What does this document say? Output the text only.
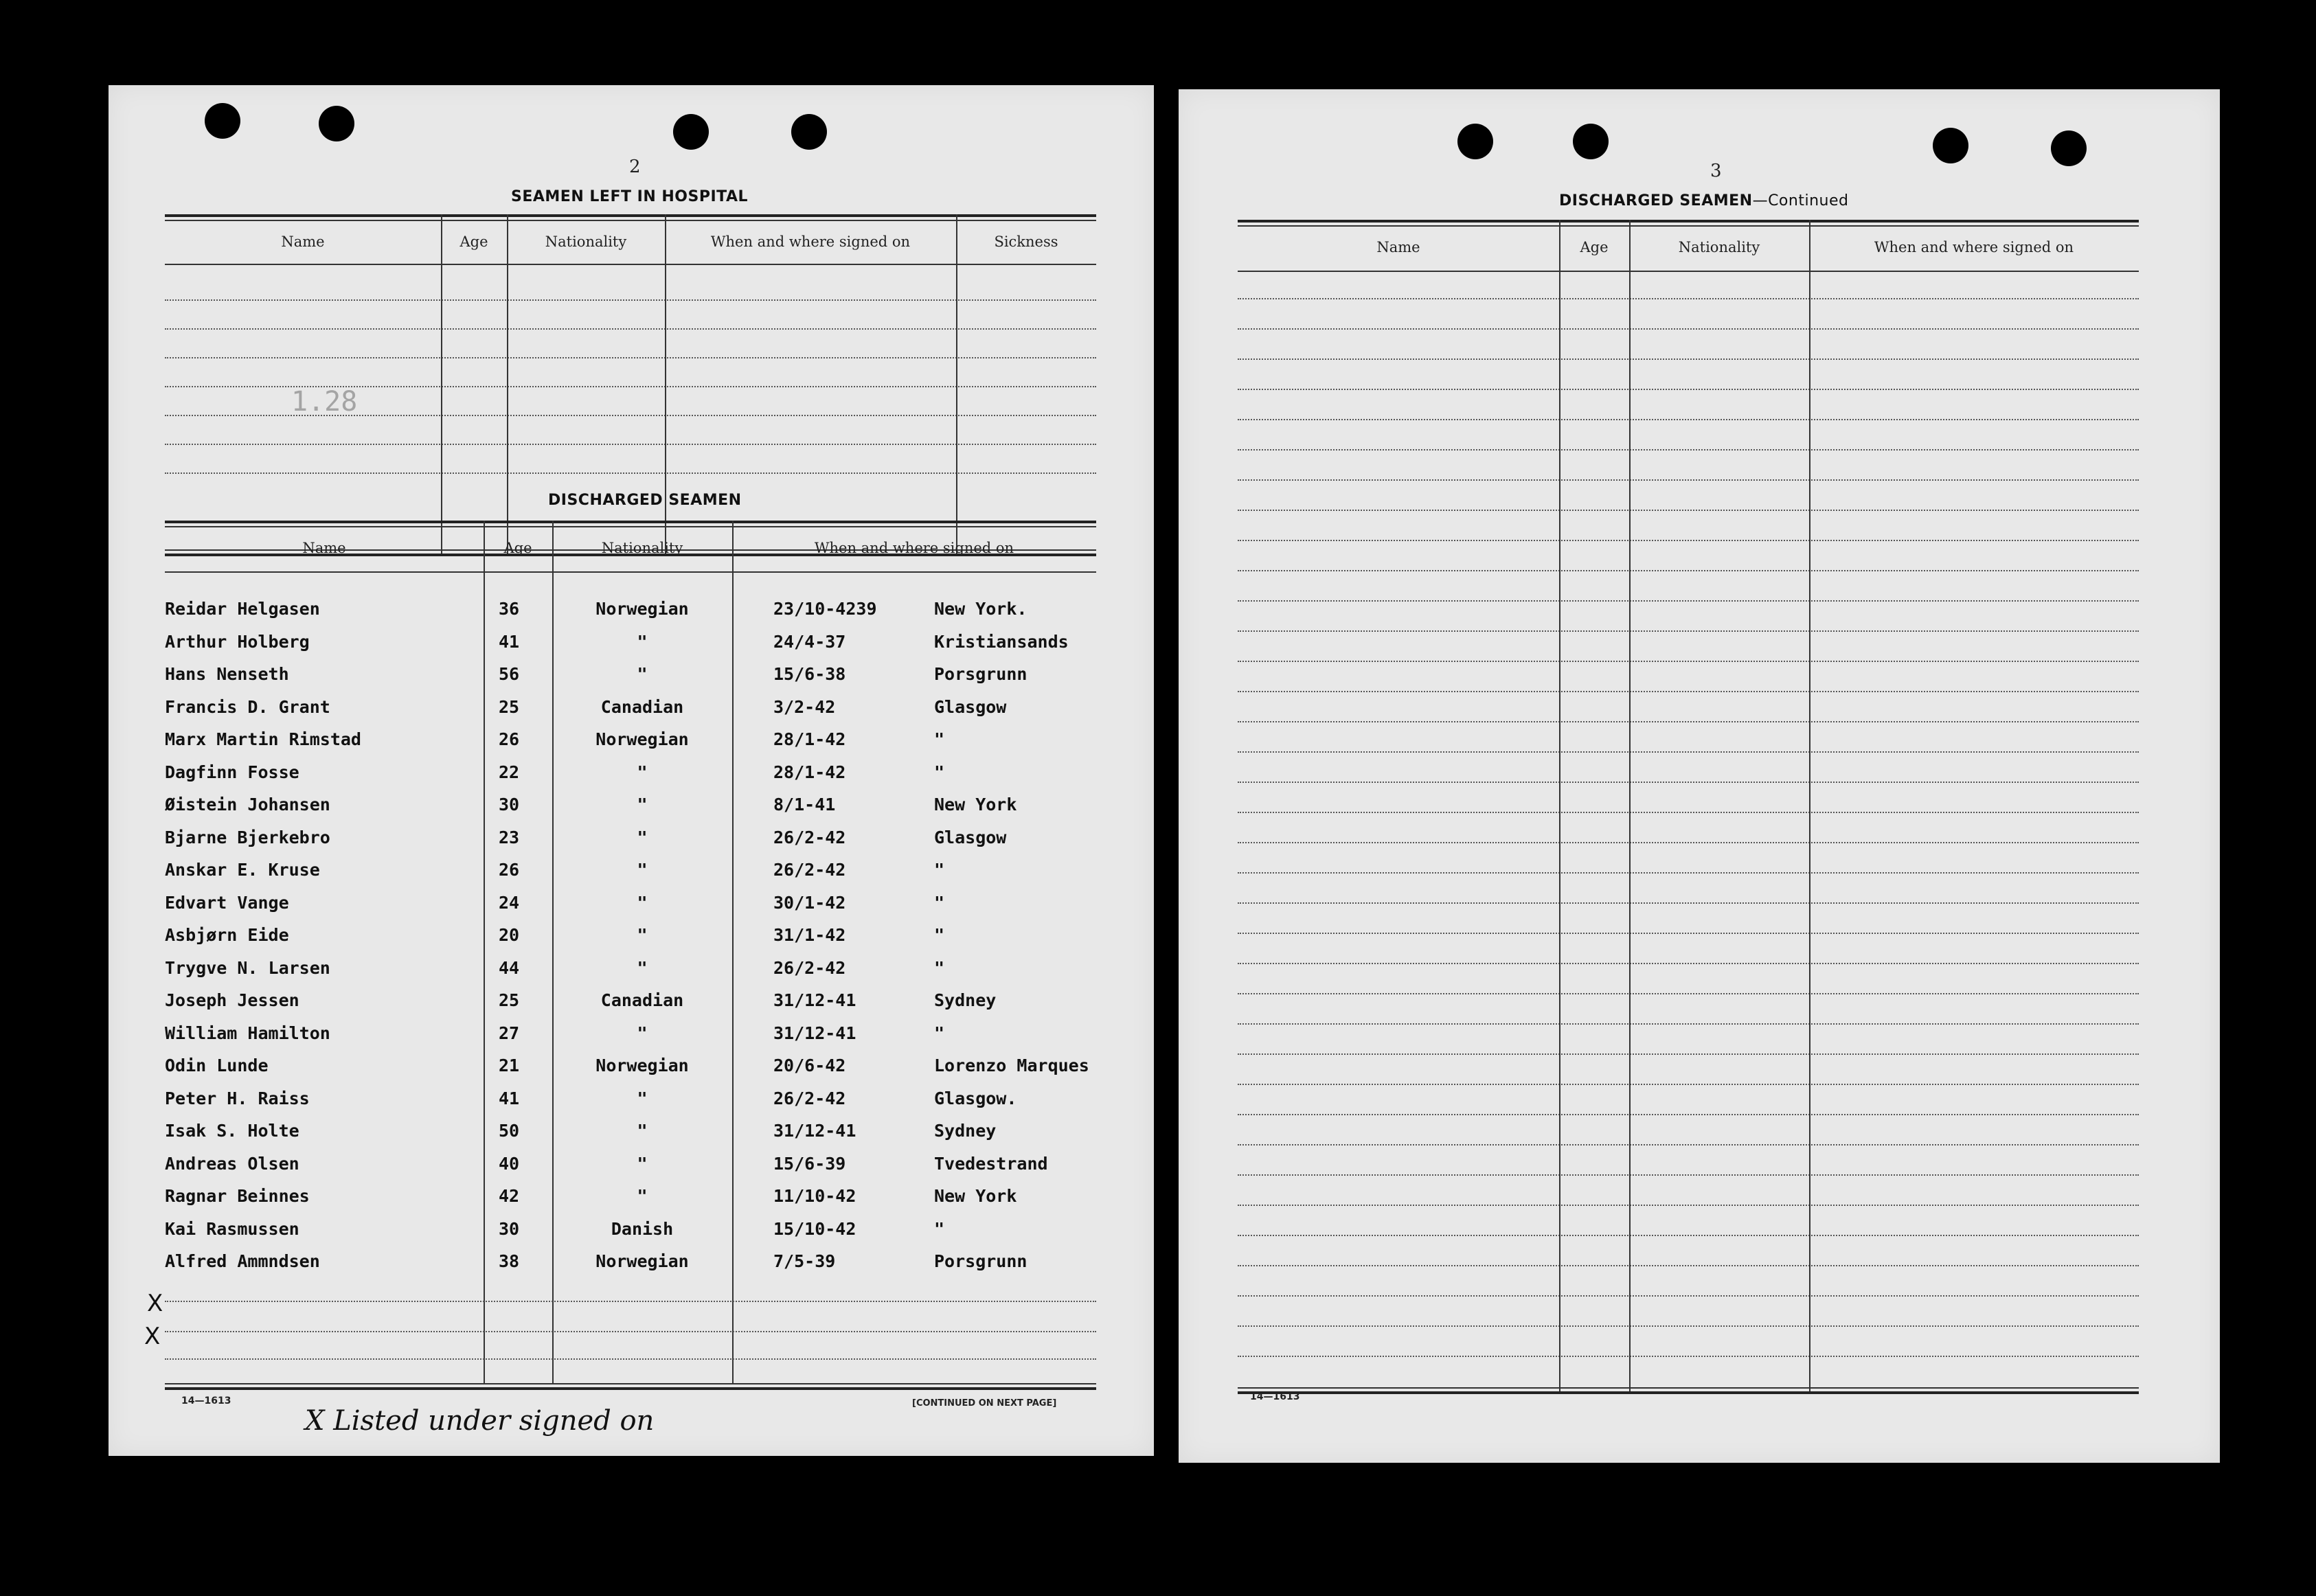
2
SEAMEN LEFT IN HOSPITAL
Name	Age	Nationality	When and where signed on	Sickness
1.28
DISCHARGED SEAMEN
Name	Age	Nationality	When and where signed on
Reidar Helgasen	36	Norwegian	23/10-4239	New York.
Arthur Holberg	41	"	24/4-37	Kristiansands
Hans Nenseth	56	"	15/6-38	Porsgrunn
Francis D. Grant	25	Canadian	3/2-42	Glasgow
Marx Martin Rimstad	26	Norwegian	28/1-42	"
Dagfinn Fosse	22	"	28/1-42	"
Øistein Johansen	30	"	8/1-41	New York
Bjarne Bjerkebro	23	"	26/2-42	Glasgow
Anskar E. Kruse	26	"	26/2-42	"
Edvart Vange	24	"	30/1-42	"
Asbjørn Eide	20	"	31/1-42	"
Trygve N. Larsen	44	"	26/2-42	"
Joseph Jessen	25	Canadian	31/12-41	Sydney
William Hamilton	27	"	31/12-41	"
Odin Lunde	21	Norwegian	20/6-42	Lorenzo Marques
Peter H. Raiss	41	"	26/2-42	Glasgow.
Isak S. Holte	50	"	31/12-41	Sydney
Andreas Olsen	40	"	15/6-39	Tvedestrand
Ragnar Beinnes	42	"	11/10-42	New York
Kai Rasmussen	30	Danish	15/10-42	"
Alfred Ammndsen	38	Norwegian	7/5-39	Porsgrunn
X
X
14—1613	[CONTINUED ON NEXT PAGE]
X Listed under signed on
3
DISCHARGED SEAMEN—Continued
Name	Age	Nationality	When and where signed on
14—1613
